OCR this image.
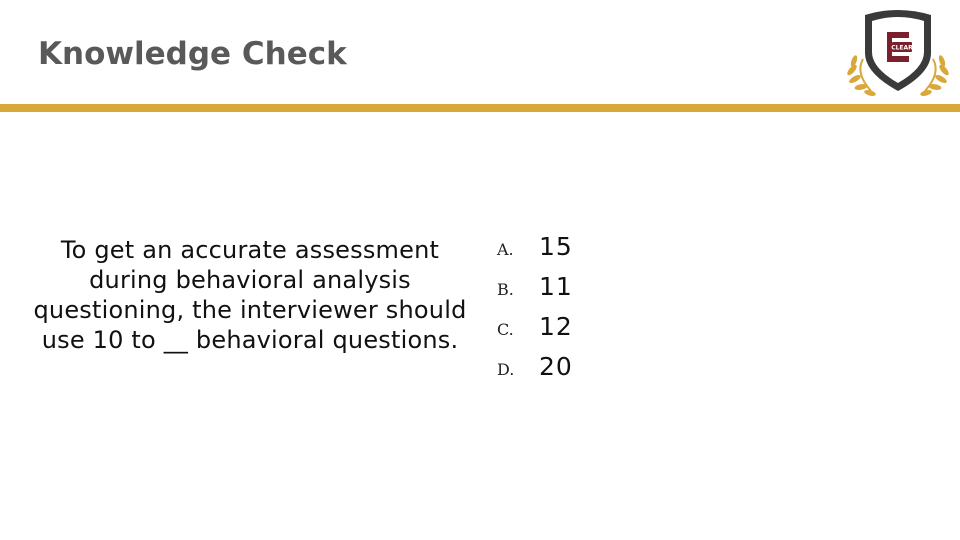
Knowledge Check	CLEAR

To get an accurate assessment during behavioral analysis questioning, the interviewer should use 10 to __ behavioral questions.

A.	15
B.	11
C.	12
D. 20
